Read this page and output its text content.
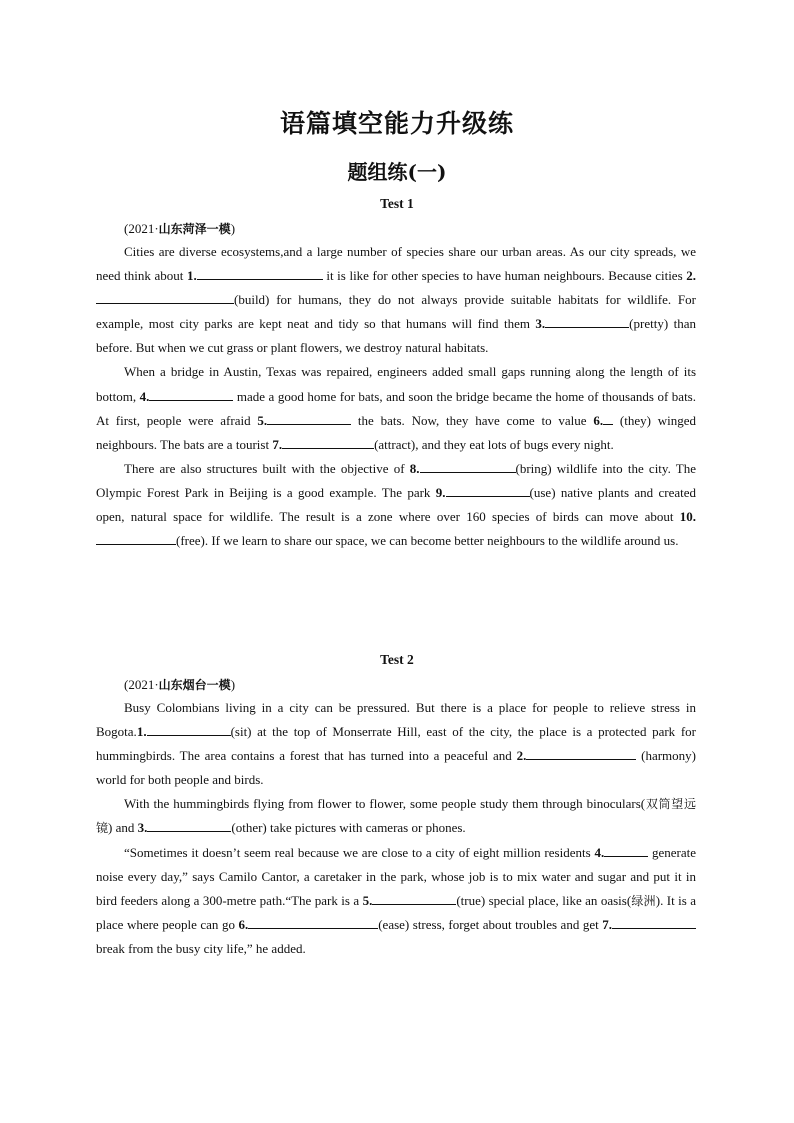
语篇填空能力升级练
题组练(一)
Test 1
(2021·山东菏泽一模)

Cities are diverse ecosystems,and a large number of species share our urban areas. As our city spreads, we need think about 1.	it is like for other species to have human neighbours. Because cities 2.(build) for humans, they do not always provide suitable habitats for wildlife. For example, most city parks are kept neat and tidy so that humans will find them 3.	(pretty) than before. But when we cut grass or plant flowers, we destroy natural habitats.

When a bridge in Austin, Texas was repaired, engineers added small gaps running along the length of its bottom, 4.	made a good home for bats, and soon the bridge became the home of thousands of bats. At first, people were afraid 5.	the bats. Now, they have come to value 6. (they) winged neighbours. The bats are a tourist 7.	(attract), and they eat lots of bugs every night.

There are also structures built with the objective of 8.	(bring) wildlife into the city. The Olympic Forest Park in Beijing is a good example. The park 9.	(use) native plants and created open, natural space for wildlife. The result is a zone where over 160 species of birds can move about 10.(free). If we learn to share our space, we can become better neighbours to the wildlife around us.

Test 2
(2021·山东烟台一模)

Busy Colombians living in a city can be pressured. But there is a place for people to relieve stress in Bogota.1.	(sit) at the top of Monserrate Hill, east of the city, the place is a protected park for hummingbirds. The area contains a forest that has turned into a peaceful and 2.	(harmony) world for both people and birds.

With the hummingbirds flying from flower to flower, some people study them through binoculars(双筒望远镜) and 3.	(other) take pictures with cameras or phones.

“Sometimes it doesn’t seem real because we are close to a city of eight million residents 4.	generate noise every day,” says Camilo Cantor, a caretaker in the park, whose job is to mix water and sugar and put it in bird feeders along a 300-metre path.“The park is a 5.	(true) special place, like an oasis(绿洲). It is a place where people can go 6.	(ease) stress, forget about troubles and get 7. break from the busy city life,” he added.
